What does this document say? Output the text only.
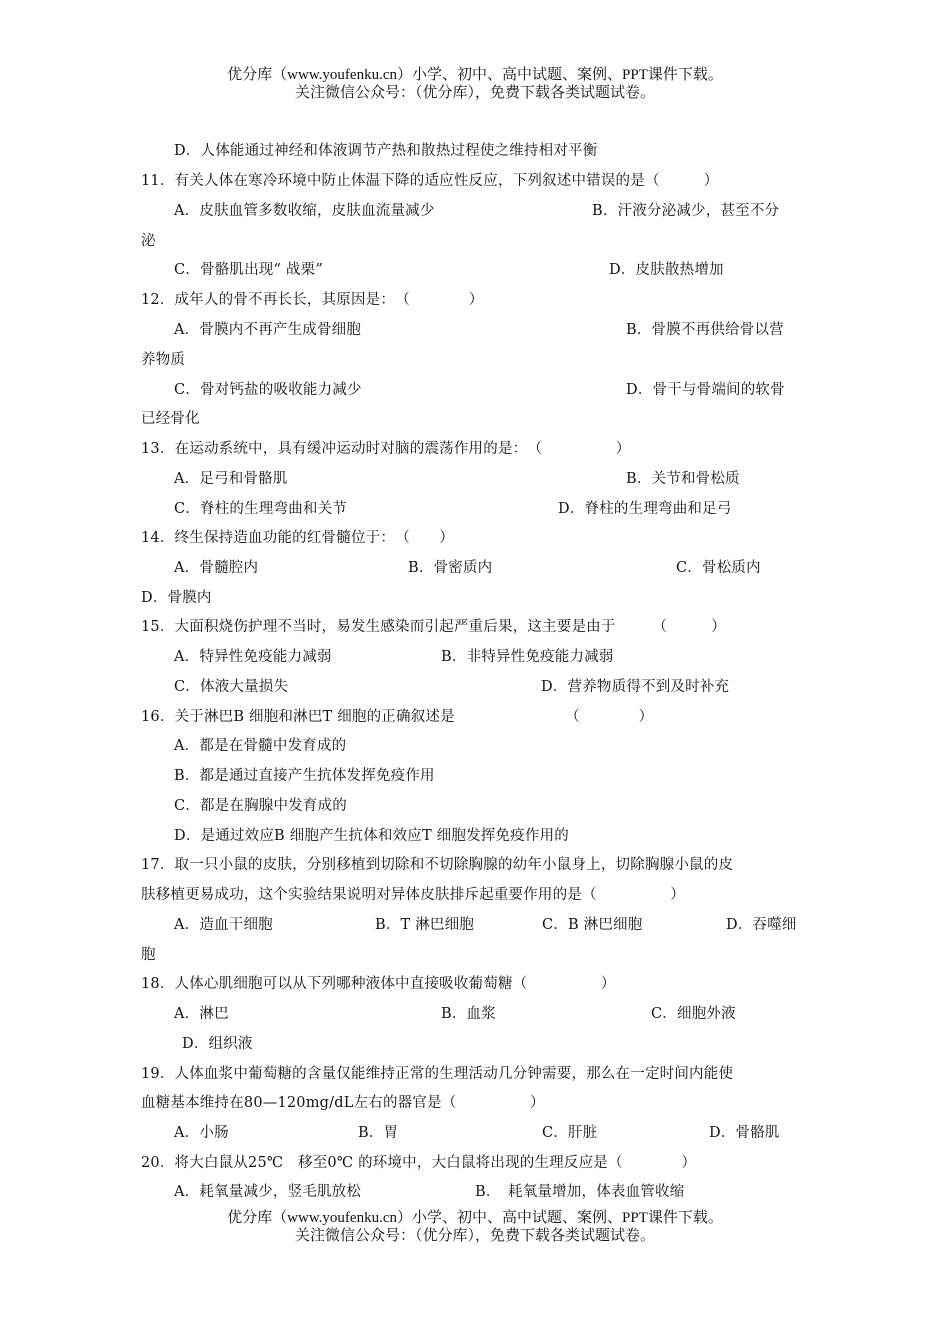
优分库（www.youfenku.cn）小学、初中、高中试题、案例、PPT课件下载。
关注微信公众号：（优分库），免费下载各类试题试卷。
D．人体能通过神经和体液调节产热和散热过程使之维持相对平衡
11．有关人体在寒冷环境中防止体温下降的适应性反应，下列叙述中错误的是（　　　）
A．皮肤血管多数收缩，皮肤血流量减少	B．汗液分泌减少，甚至不分
泌
C．骨骼肌出现“ 战栗”	D．皮肤散热增加
12．成年人的骨不再长长，其原因是：　（　　　　）
A．骨膜内不再产生成骨细胞	B．骨膜不再供给骨以营
养物质
C．骨对钙盐的吸收能力减少	D．骨干与骨端间的软骨
已经骨化
13．在运动系统中，具有缓冲运动时对脑的震荡作用的是：　（　　　　　）
A．足弓和骨骼肌	B．关节和骨松质
C．脊柱的生理弯曲和关节	D．脊柱的生理弯曲和足弓
14．终生保持造血功能的红骨髓位于：　（　　）
A．骨髓腔内	B．骨密质内	C．骨松质内
D．骨膜内
15．大面积烧伤护理不当时，易发生感染而引起严重后果，这主要是由于　　　（　　　）
A．特异性免疫能力减弱	B．非特异性免疫能力减弱
C．体液大量损失	D．营养物质得不到及时补充
16．关于淋巴B 细胞和淋巴T 细胞的正确叙述是　　　　　　　　（　　　　）
A．都是在骨髓中发育成的
B．都是通过直接产生抗体发挥免疫作用
C．都是在胸腺中发育成的
D．是通过效应B 细胞产生抗体和效应T 细胞发挥免疫作用的
17．取一只小鼠的皮肤，分别移植到切除和不切除胸腺的幼年小鼠身上，切除胸腺小鼠的皮
肤移植更易成功，这个实验结果说明对异体皮肤排斥起重要作用的是（　　　　　）
A．造血干细胞	B．T 淋巴细胞	C．B 淋巴细胞	D．吞噬细
胞
18．人体心肌细胞可以从下列哪种液体中直接吸收葡萄糖（　　　　　）
A．淋巴	B．血浆	C．细胞外液
D．组织液
19．人体血浆中葡萄糖的含量仅能维持正常的生理活动几分钟需要，那么在一定时间内能使
血糖基本维持在80—120mg/dL左右的器官是（　　　　　）
A．小肠	B．胃	C．肝脏	D．骨骼肌
20．将大白鼠从25℃　移至0℃ 的环境中，大白鼠将出现的生理反应是（　　　　）
A．耗氧量减少，竖毛肌放松	B．　耗氧量增加，体表血管收缩
优分库（www.youfenku.cn）小学、初中、高中试题、案例、PPT课件下载。
关注微信公众号：（优分库），免费下载各类试题试卷。
